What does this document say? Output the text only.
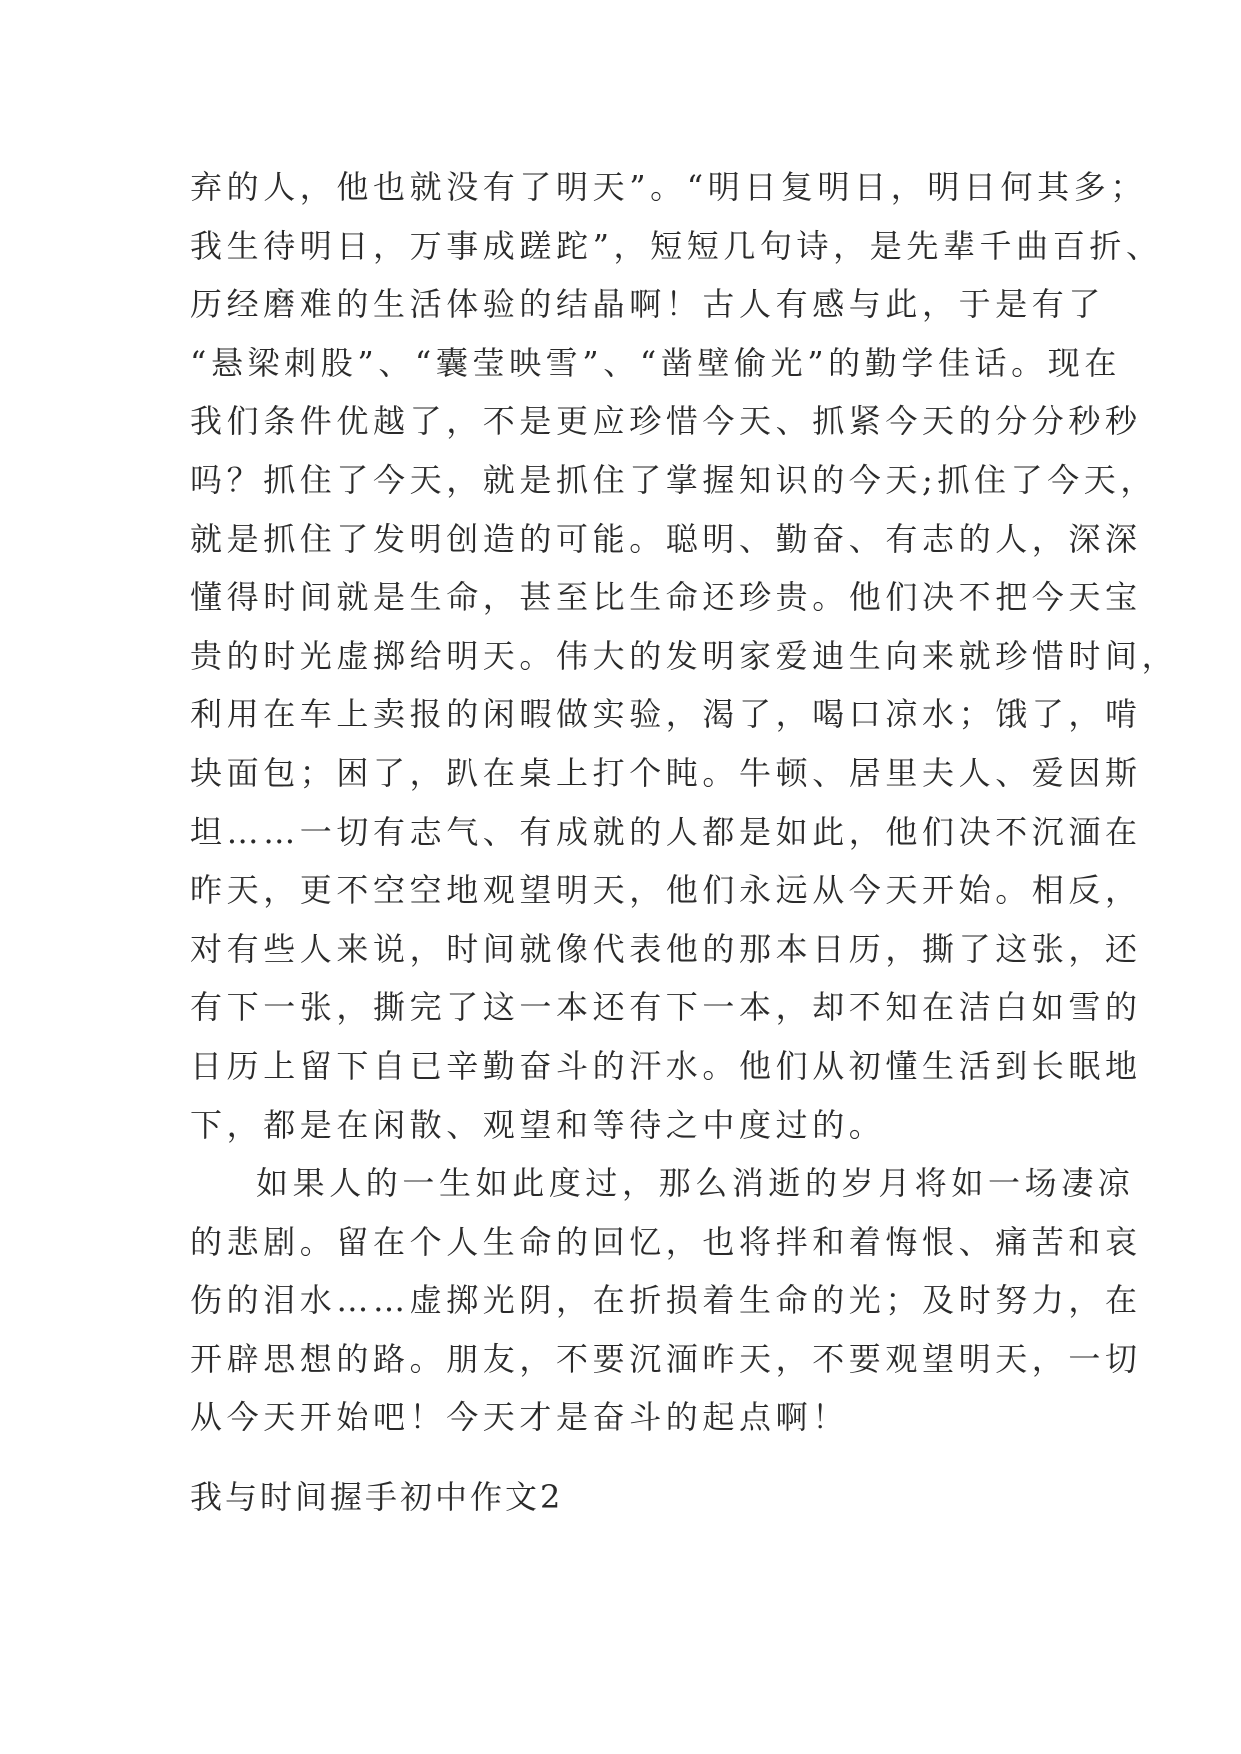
弃的人，他也就没有了明天”。“明日复明日，明日何其多；
我生待明日，万事成蹉跎”，短短几句诗，是先辈千曲百折、
历经磨难的生活体验的结晶啊！古人有感与此，于是有了
“悬梁刺股”、“囊莹映雪”、“凿壁偷光”的勤学佳话。现在
我们条件优越了，不是更应珍惜今天、抓紧今天的分分秒秒
吗？抓住了今天，就是抓住了掌握知识的今天;抓住了今天，
就是抓住了发明创造的可能。聪明、勤奋、有志的人，深深
懂得时间就是生命，甚至比生命还珍贵。他们决不把今天宝
贵的时光虚掷给明天。伟大的发明家爱迪生向来就珍惜时间，
利用在车上卖报的闲暇做实验，渴了，喝口凉水；饿了，啃
块面包；困了，趴在桌上打个盹。牛顿、居里夫人、爱因斯
坦……一切有志气、有成就的人都是如此，他们决不沉湎在
昨天，更不空空地观望明天，他们永远从今天开始。相反，
对有些人来说，时间就像代表他的那本日历，撕了这张，还
有下一张，撕完了这一本还有下一本，却不知在洁白如雪的
日历上留下自已辛勤奋斗的汗水。他们从初懂生活到长眠地
下，都是在闲散、观望和等待之中度过的。
如果人的一生如此度过，那么消逝的岁月将如一场凄凉
的悲剧。留在个人生命的回忆，也将拌和着悔恨、痛苦和哀
伤的泪水……虚掷光阴，在折损着生命的光；及时努力，在
开辟思想的路。朋友，不要沉湎昨天，不要观望明天，一切
从今天开始吧！今天才是奋斗的起点啊！
我与时间握手初中作文2
